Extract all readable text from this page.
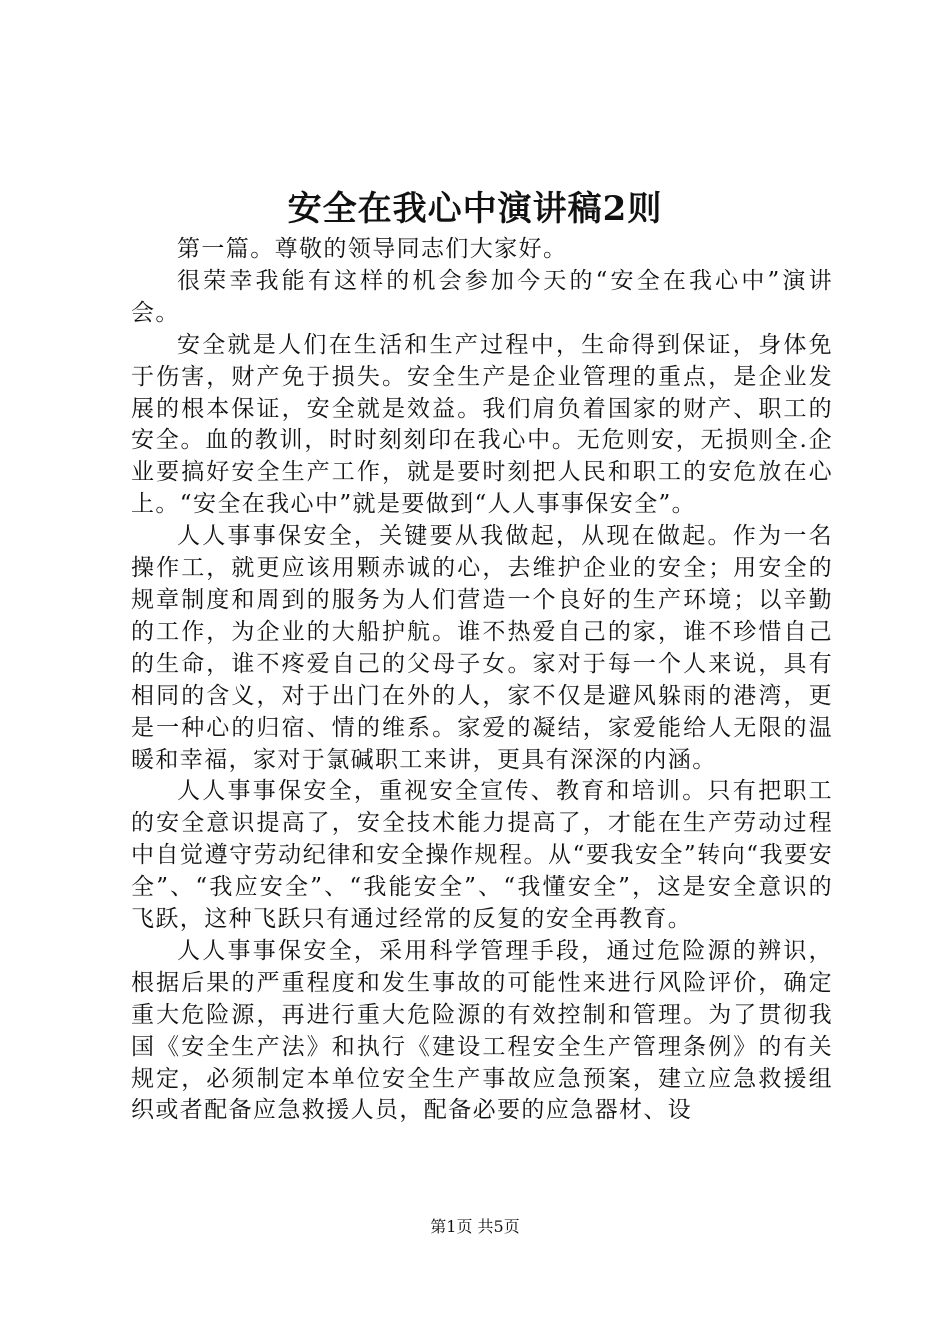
安全在我心中演讲稿2则

第一篇。尊敬的领导同志们大家好。

很荣幸我能有这样的机会参加今天的“安全在我心中”演讲会。

安全就是人们在生活和生产过程中，生命得到保证，身体免于伤害，财产免于损失。安全生产是企业管理的重点，是企业发展的根本保证，安全就是效益。我们肩负着国家的财产、职工的安全。血的教训，时时刻刻印在我心中。无危则安，无损则全.企业要搞好安全生产工作，就是要时刻把人民和职工的安危放在心上。“安全在我心中”就是要做到“人人事事保安全”。

人人事事保安全，关键要从我做起，从现在做起。作为一名操作工，就更应该用颗赤诚的心，去维护企业的安全；用安全的规章制度和周到的服务为人们营造一个良好的生产环境；以辛勤的工作，为企业的大船护航。谁不热爱自己的家，谁不珍惜自己的生命，谁不疼爱自己的父母子女。家对于每一个人来说，具有相同的含义，对于出门在外的人，家不仅是避风躲雨的港湾，更是一种心的归宿、情的维系。家爱的凝结，家爱能给人无限的温暖和幸福，家对于氯碱职工来讲，更具有深深的内涵。

人人事事保安全，重视安全宣传、教育和培训。只有把职工的安全意识提高了，安全技术能力提高了，才能在生产劳动过程中自觉遵守劳动纪律和安全操作规程。从“要我安全”转向“我要安全”、“我应安全”、“我能安全”、“我懂安全”，这是安全意识的飞跃，这种飞跃只有通过经常的反复的安全再教育。

人人事事保安全，采用科学管理手段，通过危险源的辨识，根据后果的严重程度和发生事故的可能性来进行风险评价，确定重大危险源，再进行重大危险源的有效控制和管理。为了贯彻我国《安全生产法》和执行《建设工程安全生产管理条例》的有关规定，必须制定本单位安全生产事故应急预案，建立应急救援组织或者配备应急救援人员，配备必要的应急器材、设

第1页 共5页
